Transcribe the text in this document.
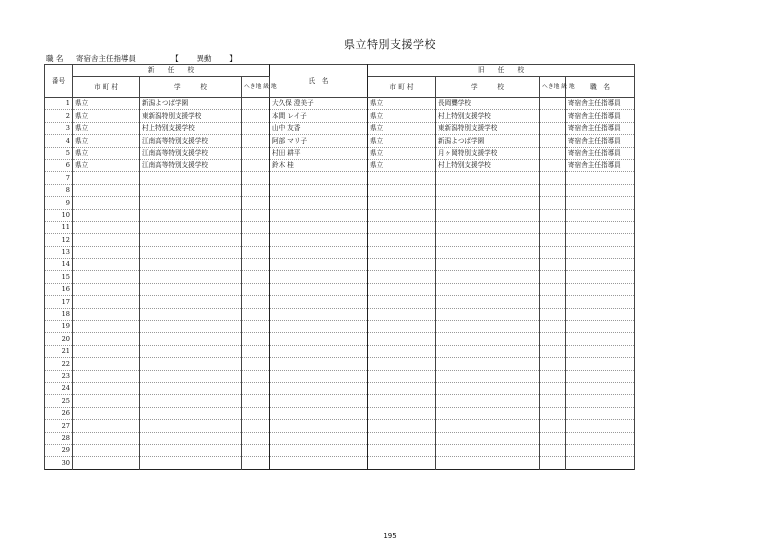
県立特別支援学校
職 名 寄宿舎主任指導員	【 異動 】
番号	新　　任　　校			氏　名	旧　　任　　校			
	市 町 村	学　　　校	へき地 級 地		市 町 村	学　　　校	へき地 級 地	職　名
1	県立	新潟よつば学園		大久保 澄美子	県立	長岡聾学校		寄宿舎主任指導員
2	県立	東新潟特別支援学校		本間 レイ子	県立	村上特別支援学校		寄宿舎主任指導員
3	県立	村上特別支援学校		山中 友香	県立	東新潟特別支援学校		寄宿舎主任指導員
4	県立	江南高等特別支援学校		阿部 マリ子	県立	新潟よつば学園		寄宿舎主任指導員
5	県立	江南高等特別支援学校		村田 耕平	県立	月ヶ岡特別支援学校		寄宿舎主任指導員
6	県立	江南高等特別支援学校		鈴木 桂	県立	村上特別支援学校		寄宿舎主任指導員
7								
8								
9								
10								
11								
12								
13								
14								
15								
16								
17								
18								
19								
20								
21								
22								
23								
24								
25								
26								
27								
28								
29								
30								
195
